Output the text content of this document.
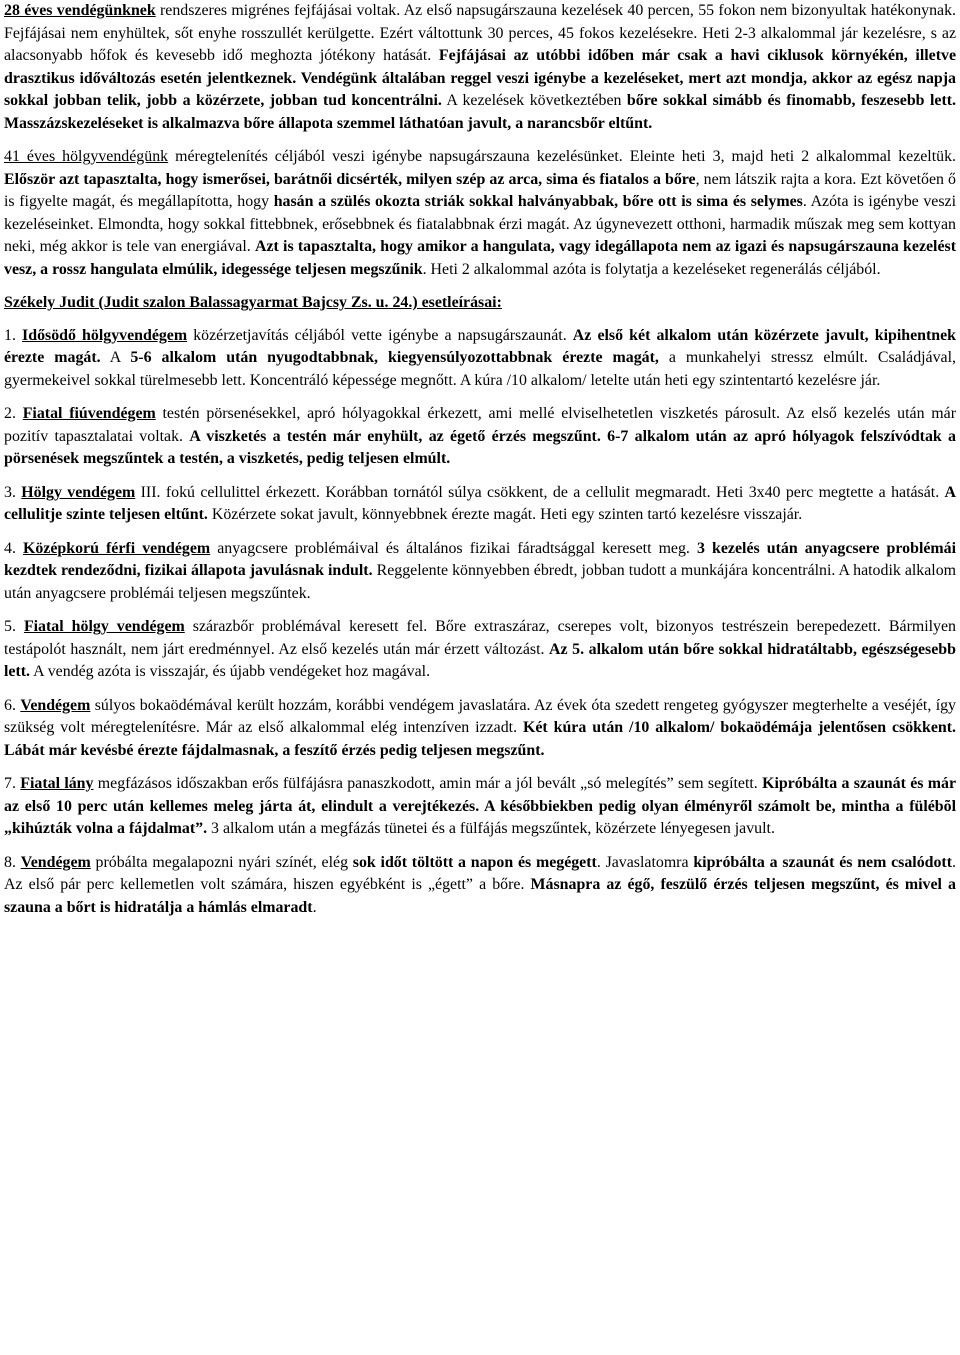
28 éves vendégünknek rendszeres migrénes fejfájásai voltak. Az első napsugárszauna kezelések 40 percen, 55 fokon nem bizonyultak hatékonynak. Fejfájásai nem enyhültek, sőt enyhe rosszullét kerülgette. Ezért váltottunk 30 perces, 45 fokos kezelésekre. Heti 2-3 alkalommal jár kezelésre, s az alacsonyabb hőfok és kevesebb idő meghozta jótékony hatását. Fejfájásai az utóbbi időben már csak a havi ciklusok környékén, illetve drasztikus időváltozás esetén jelentkeznek. Vendégünk általában reggel veszi igénybe a kezeléseket, mert azt mondja, akkor az egész napja sokkal jobban telik, jobb a közérzete, jobban tud koncentrálni. A kezelések következtében bőre sokkal simább és finomabb, feszesebb lett. Masszázskezeléseket is alkalmazva bőre állapota szemmel láthatóan javult, a narancsbőr eltűnt.

41 éves hölgyvendégünk méregtelenítés céljából veszi igénybe napsugárszauna kezelésünket. Eleinte heti 3, majd heti 2 alkalommal kezeltük. Először azt tapasztalta, hogy ismerősei, barátnői dicsérték, milyen szép az arca, sima és fiatalos a bőre, nem látszik rajta a kora. Ezt követően ő is figyelte magát, és megállapította, hogy hasán a szülés okozta striák sokkal halványabbak, bőre ott is sima és selymes. Azóta is igénybe veszi kezeléseinket. Elmondta, hogy sokkal fittebbnek, erősebbnek és fiatalabbnak érzi magát. Az úgynevezett otthoni, harmadik műszak meg sem kottyan neki, még akkor is tele van energiával. Azt is tapasztalta, hogy amikor a hangulata, vagy idegállapota nem az igazi és napsugárszauna kezelést vesz, a rossz hangulata elmúlik, idegessége teljesen megszűnik. Heti 2 alkalommal azóta is folytatja a kezeléseket regenerálás céljából.

Székely Judit (Judit szalon Balassagyarmat Bajcsy Zs. u. 24.) esetleírásai:

1. Idősödő hölgyvendégem közérzetjavítás céljából vette igénybe a napsugárszaunát. Az első két alkalom után közérzete javult, kipihentnek érezte magát. A 5-6 alkalom után nyugodtabbnak, kiegyensúlyozottabbnak érezte magát, a munkahelyi stressz elmúlt. Családjával, gyermekeivel sokkal türelmesebb lett. Koncentráló képessége megnőtt. A kúra /10 alkalom/ letelte után heti egy szintentartó kezelésre jár.

2. Fiatal fiúvendégem testén pörsenésekkel, apró hólyagokkal érkezett, ami mellé elviselhetetlen viszketés párosult. Az első kezelés után már pozitív tapasztalatai voltak. A viszketés a testén már enyhült, az égető érzés megszűnt. 6-7 alkalom után az apró hólyagok felszívódtak a pörsenések megszűntek a testén, a viszketés, pedig teljesen elmúlt.

3. Hölgy vendégem III. fokú cellulittel érkezett. Korábban tornától súlya csökkent, de a cellulit megmaradt. Heti 3x40 perc megtette a hatását. A cellulitje szinte teljesen eltűnt. Közérzete sokat javult, könnyebbnek érezte magát. Heti egy szinten tartó kezelésre visszajár.

4. Középkorú férfi vendégem anyagcsere problémáival és általános fizikai fáradtsággal keresett meg. 3 kezelés után anyagcsere problémái kezdtek rendeződni, fizikai állapota javulásnak indult. Reggelente könnyebben ébredt, jobban tudott a munkájára koncentrálni. A hatodik alkalom után anyagcsere problémái teljesen megszűntek.

5. Fiatal hölgy vendégem szárazbőr problémával keresett fel. Bőre extraszáraz, cserepes volt, bizonyos testrészein berepedezett. Bármilyen testápolót használt, nem járt eredménnyel. Az első kezelés után már érzett változást. Az 5. alkalom után bőre sokkal hidratáltabb, egészségesebb lett. A vendég azóta is visszajár, és újabb vendégeket hoz magával.

6. Vendégem súlyos bokaödémával került hozzám, korábbi vendégem javaslatára. Az évek óta szedett rengeteg gyógyszer megterhelte a veséjét, így szükség volt méregtelenítésre. Már az első alkalommal elég intenzíven izzadt. Két kúra után /10 alkalom/ bokaödémája jelentősen csökkent. Lábát már kevésbé érezte fájdalmasnak, a feszítő érzés pedig teljesen megszűnt.

7. Fiatal lány megfázásos időszakban erős fülfájásra panaszkodott, amin már a jól bevált „só melegítés” sem segített. Kipróbálta a szaunát és már az első 10 perc után kellemes meleg járta át, elindult a verejtékezés. A későbbiekben pedig olyan élményről számolt be, mintha a fülébõl „kihúzták volna a fájdalmat”. 3 alkalom után a megfázás tünetei és a fülfájás megszűntek, közérzete lényegesen javult.

8. Vendégem próbálta megalapozni nyári színét, elég sok időt töltött a napon és megégett. Javaslatomra kipróbálta a szaunát és nem csalódott. Az első pár perc kellemetlen volt számára, hiszen egyébként is „égett” a bőre. Másnapra az égő, feszülő érzés teljesen megszűnt, és mivel a szauna a bőrt is hidratálja a hámlás elmaradt.
